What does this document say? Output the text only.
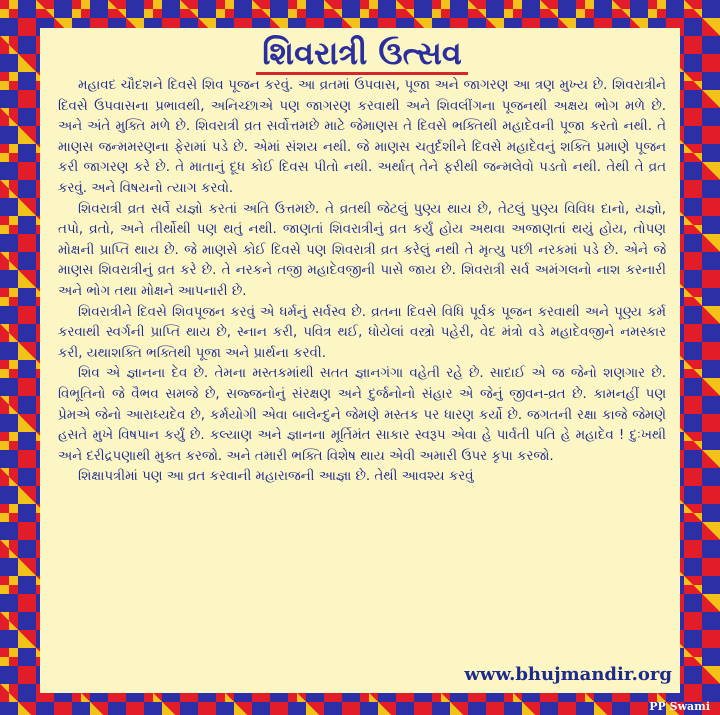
શિવરાત્રી ઉત્સવ

મહાવદ ચૌદશને દિવસે શિવ પૂજન કરવું. આ વ્રતમાં ઉપવાસ, પૂજા અને જાગરણ આ ત્રણ મુખ્ય છે. શિવરાત્રીને દિવસે ઉપવાસના પ્રભાવથી, અનિચ્છાએ પણ જાગરણ કરવાથી અને શિવલીંગના પૂજનથી અક્ષય ભોગ મળે છે. અને અંતે મુક્તિ મળે છે. શિવરાત્રી વ્રત સર્વોત્તમછે માટે જેમાણસ તે દિવસે ભક્તિથી મહાદેવની પૂજા કરતો નથી. તે માણસ જન્મમરણના ફેરામાં પડે છે. એમાં સંશય નથી. જે માણસ ચતુર્દશીને દિવસે મહાદેવનું શક્તિ પ્રમાણે પૂજન કરી જાગરણ કરે છે. તે માતાનું દૂધ કોઈ દિવસ પીતો નથી. અર્થાત્ તેને ફરીથી જન્મલેવો પડતો નથી. તેથી તે વ્રત કરવું. અને વિષયનો ત્યાગ કરવો.

શિવરાત્રી વ્રત સર્વે યજ્ઞો કરતાં અતિ ઉત્તમછે. તે વ્રતથી જેટલું પુણ્ય થાય છે, તેટલું પુણ્ય વિવિધ દાનો, યજ્ઞો, તપો, વ્રતો, અને તીર્થોથી પણ થતું નથી. જાણતાં શિવરાત્રીનું વ્રત કર્યું હોય અથવા અજાણતાં થયું હોય, તોપણ મોક્ષની પ્રાપ્તિ થાય છે. જે માણસે કોઈ દિવસે પણ શિવરાત્રી વ્રત કરેલું નથી તે મૃત્યુ પછી નરકમાં પડે છે. એને જે માણસ શિવરાત્રીનું વ્રત કરે છે. તે નરકને તજી મહાદેવજીની પાસે જાય છે. શિવરાત્રી સર્વ અમંગલનો નાશ કરનારી અને ભોગ તથા મોક્ષને આપનારી છે.

શિવરાત્રીને દિવસે શિવપૂજન કરવું એ ધર્મનું સર્વસ્વ છે. વ્રતના દિવસે વિધિ પૂર્વક પૂજન કરવાથી અને પૂણ્ય કર્મ કરવાથી સ્વર્ગની પ્રાપ્તિ થાય છે, સ્નાન કરી, પવિત્ર થઈ, ધોયેલાં વસ્ત્રો પહેરી, વેદ મંત્રો વડે મહાદેવજીને નમસ્કાર કરી, યથાશક્તિ ભક્તિથી પૂજા અને પ્રાર્થના કરવી.

શિવ એ જ્ઞાનના દેવ છે. તેમના મસ્તકમાંથી સતત જ્ઞાનગંગા વહેતી રહે છે. સાદાઈ એ જ જેનો શણગાર છે. વિભૂતિનો જે વૈભવ સમજે છે, સજ્જનોનું સંરક્ષણ અને દુર્જનોનો સંહાર એ જેનું જીવન-વ્રત છે. કામનહીં પણ પ્રેમએ જેનો આરાધ્યદેવ છે, કર્મયોગી એવા બાલેન્દુને જેમણે મસ્તક પર ધારણ કર્યો છે. જગતની રક્ષા કાજે જેમણે હસતે મુખે વિષપાન કર્યું છે. કલ્યાણ અને જ્ઞાનના મૂર્તિમંત સાકાર સ્વરૂપ એવા હે પાર્વતી પતિ હે મહાદેવ ! દુઃખથી અને દરીદ્રપણાથી મુક્ત કરજો. અને તમારી ભક્તિ વિશેષ થાય એવી અમારી ઉપર કૃપા કરજો.

શિક્ષાપત્રીમાં પણ આ વ્રત કરવાની મહારાજની આજ્ઞા છે. તેથી આવશ્ય કરવું

www.bhujmandir.org
PP Swami
